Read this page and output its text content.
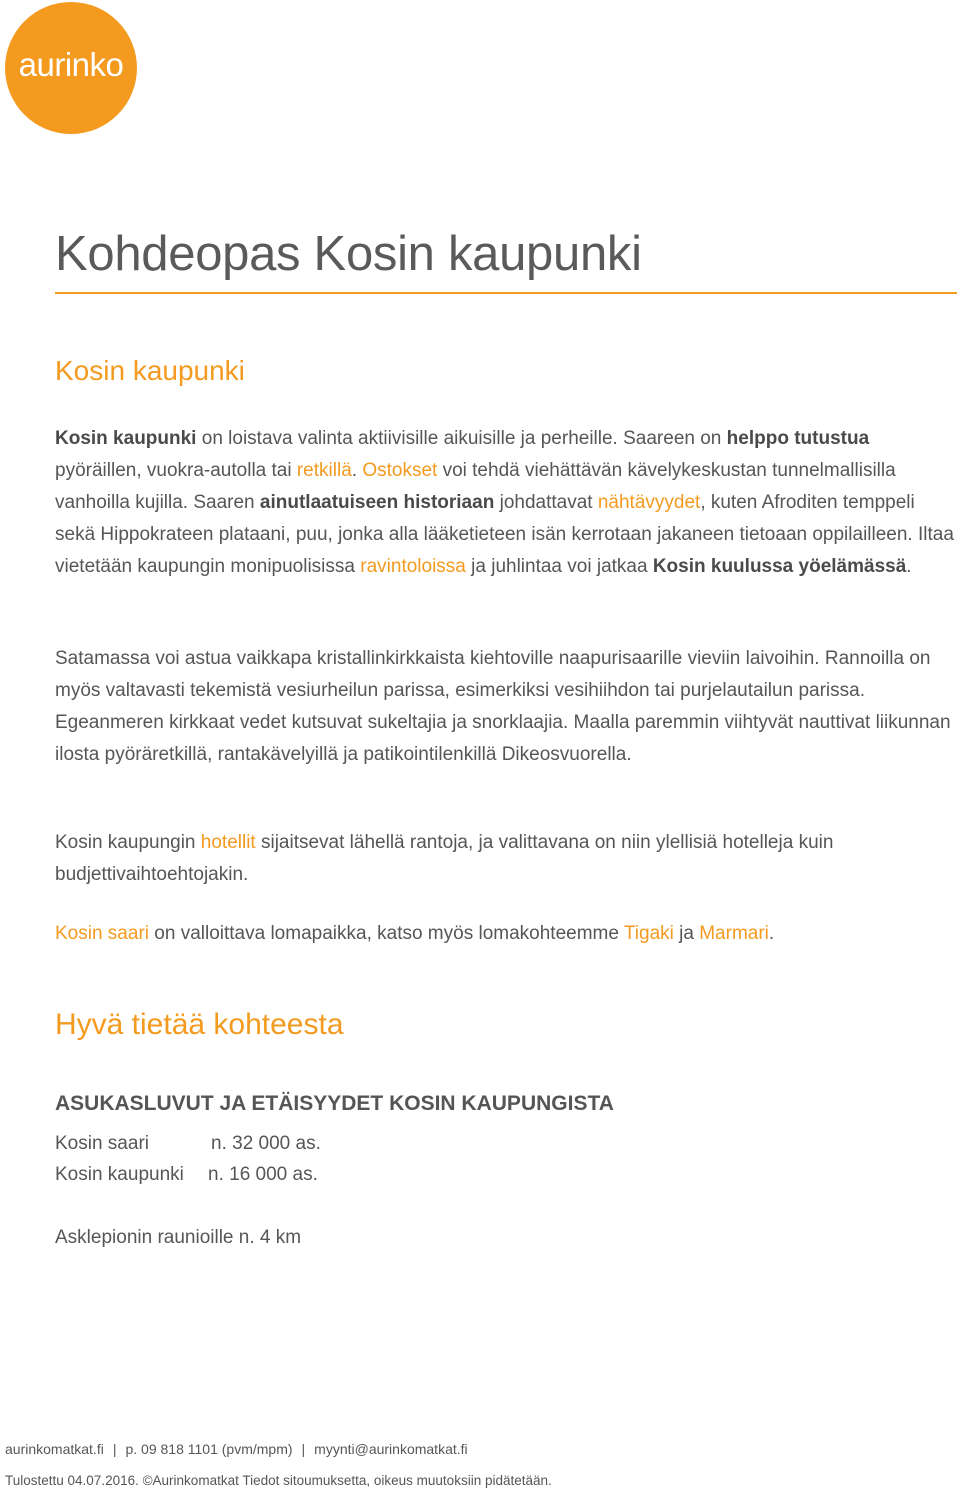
aurinko
Kohdeopas Kosin kaupunki
Kosin kaupunki

Kosin kaupunki on loistava valinta aktiivisille aikuisille ja perheille. Saareen on helppo tutustua pyöräillen, vuokra-autolla tai retkillä. Ostokset voi tehdä viehättävän kävelykeskustan tunnelmallisilla vanhoilla kujilla. Saaren ainutlaatuiseen historiaan johdattavat nähtävyydet, kuten Afroditen temppeli sekä Hippokrateen plataani, puu, jonka alla lääketieteen isän kerrotaan jakaneen tietoaan oppilailleen. Iltaa vietetään kaupungin monipuolisissa ravintoloissa ja juhlintaa voi jatkaa Kosin kuulussa yöelämässä.

Satamassa voi astua vaikkapa kristallinkirkkaista kiehtoville naapurisaarille vieviin laivoihin. Rannoilla on myös valtavasti tekemistä vesiurheilun parissa, esimerkiksi vesihiihdon tai purjelautailun parissa. Egeanmeren kirkkaat vedet kutsuvat sukeltajia ja snorklaajia. Maalla paremmin viihtyvät nauttivat liikunnan ilosta pyöräretkillä, rantakävelyillä ja patikointilenkillä Dikeosvuorella.

Kosin kaupungin hotellit sijaitsevat lähellä rantoja, ja valittavana on niin ylellisiä hotelleja kuin budjettivaihtoehtojakin.

Kosin saari on valloittava lomapaikka, katso myös lomakohteemme Tigaki ja Marmari.

Hyvä tietää kohteesta
ASUKASLUVUT JA ETÄISYYDET KOSIN KAUPUNGISTA
Kosin saari	n. 32 000 as.
Kosin kaupunki n. 16 000 as.
Asklepionin raunioille n. 4 km
aurinkomatkat.fi | p. 09 818 1101 (pvm/mpm) | myynti@aurinkomatkat.fi
Tulostettu 04.07.2016. ©Aurinkomatkat Tiedot sitoumuksetta, oikeus muutoksiin pidätetään.
